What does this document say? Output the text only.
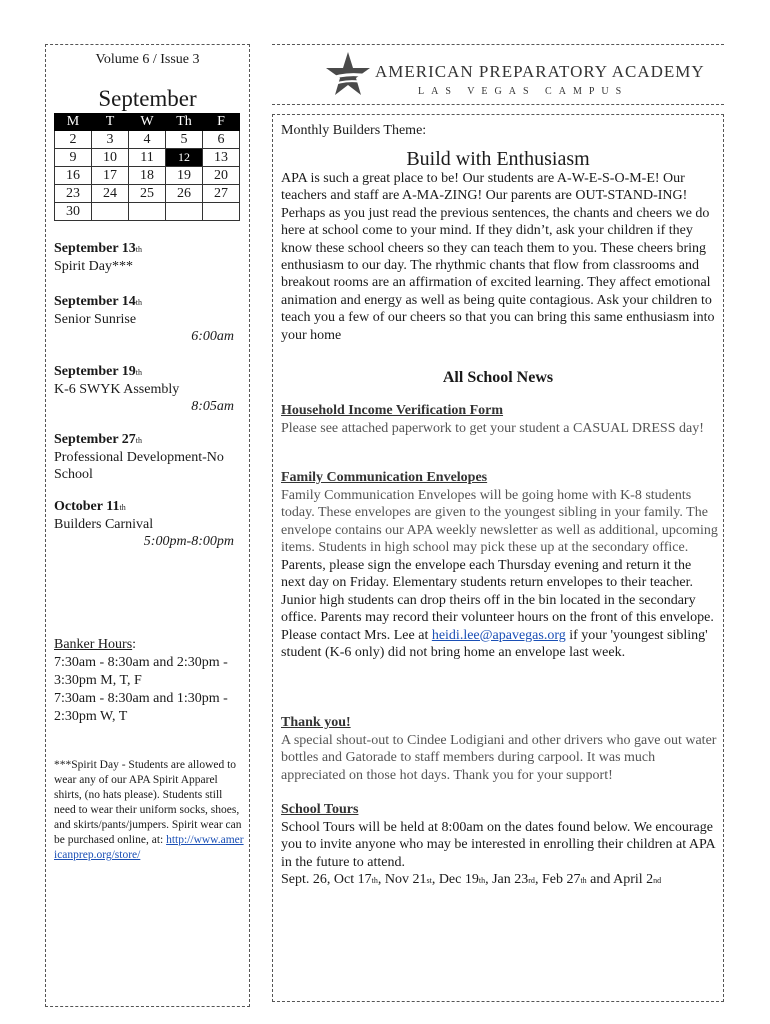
Volume 6 / Issue 3
September
M	T	W	Th	F
2	3	4	5	6
9	10	11	12	13
16	17	18	19	20
23	24	25	26	27
30				
September 13th
Spirit Day***
September 14th
Senior Sunrise
6:00am
September 19th
K-6 SWYK Assembly
8:05am
September 27th
Professional Development-No School
October 11th
Builders Carnival
5:00pm-8:00pm
Banker Hours:
7:30am - 8:30am and 2:30pm - 3:30pm M, T, F
7:30am - 8:30am and 1:30pm - 2:30pm W, T
***Spirit Day - Students are allowed to wear any of our APA Spirit Apparel shirts, (no hats please). Students still need to wear their uniform socks, shoes, and skirts/pants/jumpers. Spirit wear can be purchased online, at: http://www.americanprep.org/store/
AMERICAN PREPARATORY ACADEMY
LAS VEGAS CAMPUS
Monthly Builders Theme:
Build with Enthusiasm
APA is such a great place to be! Our students are A-W-E-S-O-M-E! Our teachers and staff are A-MA-ZING! Our parents are OUT-STAND-ING! Perhaps as you just read the previous sentences, the chants and cheers we do here at school come to your mind. If they didn’t, ask your children if they know these school cheers so they can teach them to you. These cheers bring enthusiasm to our day. The rhythmic chants that flow from classrooms and breakout rooms are an affirmation of excited learning. They affect emotional animation and energy as well as being quite contagious. Ask your children to teach you a few of our cheers so that you can bring this same enthusiasm into your home
All School News
Household Income Verification Form
Please see attached paperwork to get your student a CASUAL DRESS day!
Family Communication Envelopes
Family Communication Envelopes will be going home with K-8 students today. These envelopes are given to the youngest sibling in your family. The envelope contains our APA weekly newsletter as well as additional, upcoming items. Students in high school may pick these up at the secondary office.
Parents, please sign the envelope each Thursday evening and return it the next day on Friday. Elementary students return envelopes to their teacher. Junior high students can drop theirs off in the bin located in the secondary office. Parents may record their volunteer hours on the front of this envelope. Please contact Mrs. Lee at heidi.lee@apavegas.org if your 'youngest sibling' student (K-6 only) did not bring home an envelope last week.
Thank you!
A special shout-out to Cindee Lodigiani and other drivers who gave out water bottles and Gatorade to staff members during carpool. It was much appreciated on those hot days. Thank you for your support!
School Tours
School Tours will be held at 8:00am on the dates found below. We encourage you to invite anyone who may be interested in enrolling their children at APA in the future to attend.
Sept. 26, Oct 17th, Nov 21st, Dec 19th, Jan 23rd, Feb 27th and April 2nd
